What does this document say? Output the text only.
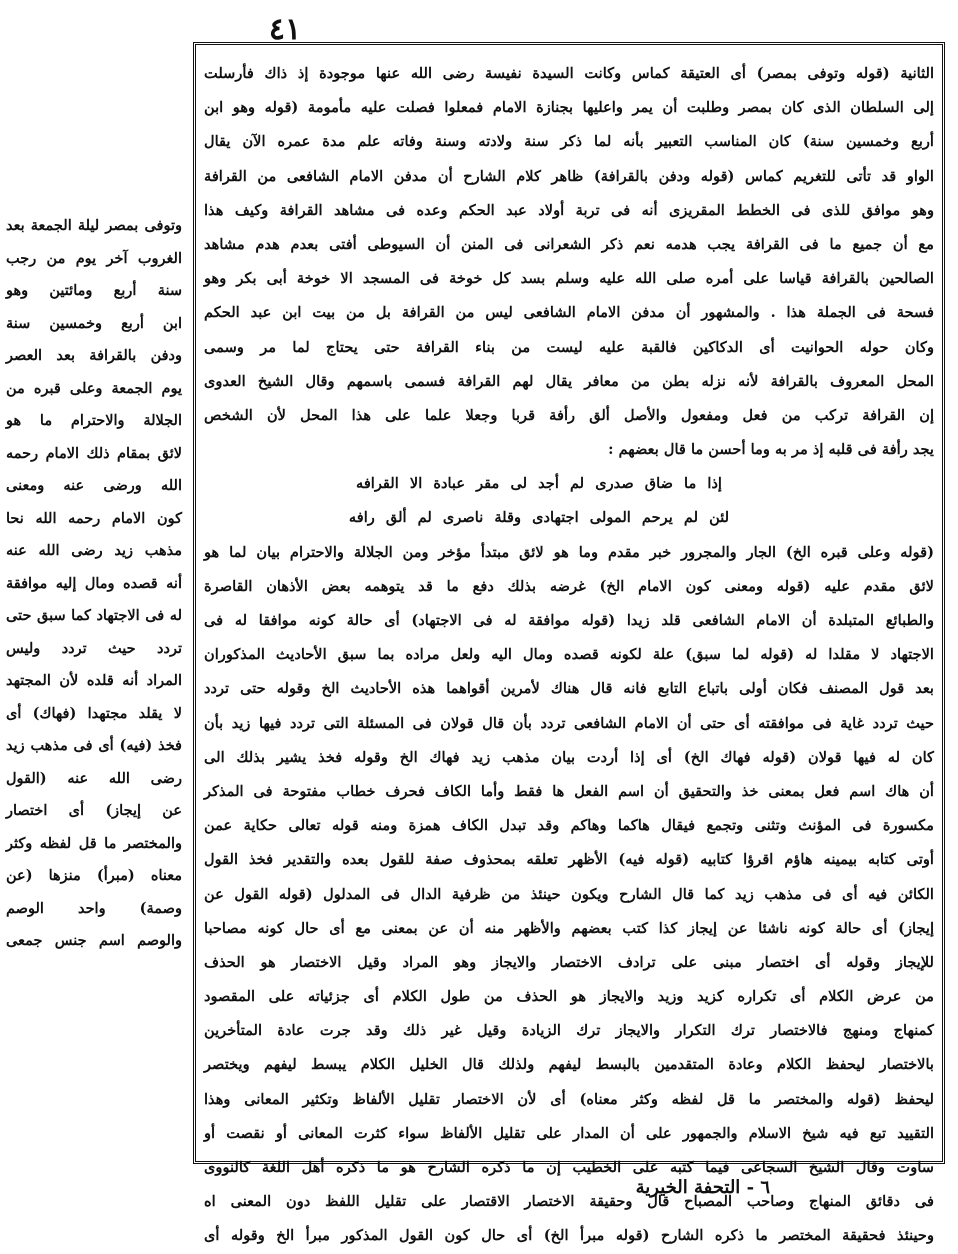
٤١
الثانية (قوله وتوفى بمصر) أى العتيقة كماس وكانت السيدة نفيسة رضى الله عنها موجودة إذ ذاك فأرسلت
إلى السلطان الذى كان بمصر وطلبت أن يمر واعليها بجنازة الامام فمعلوا فصلت عليه مأمومة (قوله وهو ابن
أربع وخمسين سنة) كان المناسب التعبير بأنه لما ذكر سنة ولادته وسنة وفاته علم مدة عمره الآن يقال
الواو قد تأتى للتغريم كماس (قوله ودفن بالقرافة) ظاهر كلام الشارح أن مدفن الامام الشافعى من القرافة
وهو موافق للذى فى الخطط المقريزى أنه فى تربة أولاد عبد الحكم وعده فى مشاهد القرافة وكيف هذا
مع أن جميع ما فى القرافة يجب هدمه نعم ذكر الشعرانى فى المنن أن السيوطى أفتى بعدم هدم مشاهد
الصالحين بالقرافة قياسا على أمره صلى الله عليه وسلم بسد كل خوخة فى المسجد الا خوخة أبى بكر وهو
فسحة فى الجملة هذا . والمشهور أن مدفن الامام الشافعى ليس من القرافة بل من بيت ابن عبد الحكم
وكان حوله الحوانيت أى الدكاكين فالقبة عليه ليست من بناء القرافة حتى يحتاج لما مر وسمى
المحل المعروف بالقرافة لأنه نزله بطن من معافر يقال لهم القرافة فسمى باسمهم وقال الشيخ العدوى
إن القرافة تركب من فعل ومفعول والأصل ألق رأفة قربا وجعلا علما على هذا المحل لأن الشخص
يجد رأفة فى قلبه إذ مر به وما أحسن ما قال بعضهم :
إذا ما ضاق صدرى لم أجد لى مقر عبادة الا القرافه
لئن لم يرحم المولى اجتهادى وقلة ناصرى لم ألق رافه
(قوله وعلى قبره الخ) الجار والمجرور خبر مقدم وما هو لائق مبتدأ مؤخر ومن الجلالة والاحترام بيان لما هو
لائق مقدم عليه (قوله ومعنى كون الامام الخ) غرضه بذلك دفع ما قد يتوهمه بعض الأذهان القاصرة
والطبائع المتبلدة أن الامام الشافعى قلد زيدا (قوله موافقة له فى الاجتهاد) أى حالة كونه موافقا له فى
الاجتهاد لا مقلدا له (قوله لما سبق) علة لكونه قصده ومال اليه ولعل مراده بما سبق الأحاديث المذكوران
بعد قول المصنف فكان أولى باتباع التابع فانه قال هناك لأمرين أقواهما هذه الأحاديث الخ وقوله حتى تردد
حيث تردد غاية فى موافقته أى حتى أن الامام الشافعى تردد بأن قال قولان فى المسئلة التى تردد فيها زيد بأن
كان له فيها قولان (قوله فهاك الخ) أى إذا أردت بيان مذهب زيد فهاك الخ وقوله فخذ يشير بذلك الى
أن هاك اسم فعل بمعنى خذ والتحقيق أن اسم الفعل ها فقط وأما الكاف فحرف خطاب مفتوحة فى المذكر
مكسورة فى المؤنث وتثنى وتجمع فيقال هاكما وهاكم وقد تبدل الكاف همزة ومنه قوله تعالى حكاية عمن
أوتى كتابه بيمينه هاؤم اقرؤا كتابيه (قوله فيه) الأظهر تعلقه بمحذوف صفة للقول بعده والتقدير فخذ القول
الكائن فيه أى فى مذهب زيد كما قال الشارح ويكون حينئذ من ظرفية الدال فى المدلول (قوله القول عن
إيجاز) أى حالة كونه ناشئا عن إيجاز كذا كتب بعضهم والأظهر منه أن عن بمعنى مع أى حال كونه مصاحبا
للإيجاز وقوله أى اختصار مبنى على ترادف الاختصار والايجاز وهو المراد وقيل الاختصار هو الحذف
من عرض الكلام أى تكراره كزيد وزيد والايجاز هو الحذف من طول الكلام أى جزئياته على المقصود
كمنهاج ومنهج فالاختصار ترك التكرار والايجاز ترك الزيادة وقيل غير ذلك وقد جرت عادة المتأخرين
بالاختصار ليحفظ الكلام وعادة المتقدمين بالبسط ليفهم ولذلك قال الخليل الكلام يبسط ليفهم ويختصر
ليحفظ (قوله والمختصر ما قل لفظه وكثر معناه) أى لأن الاختصار تقليل الألفاظ وتكثير المعانى وهذا
التقييد تبع فيه شيخ الاسلام والجمهور على أن المدار على تقليل الألفاظ سواء كثرت المعانى أو نقصت أو
ساوت وقال الشيخ السجاعى فيما كتبه على الخطيب إن ما ذكره الشارح هو ما ذكره أهل اللغة كالنووى
فى دقائق المنهاج وصاحب المصباح قال وحقيقة الاختصار الاقتصار على تقليل اللفظ دون المعنى اه
وحينئذ فحقيقة المختصر ما ذكره الشارح (قوله مبرأ الخ) أى حال كون القول المذكور مبرأ الخ وقوله أى
وتوفى بمصر ليلة الجمعة بعد
الغروب آخر يوم من رجب
سنة أربع ومائتين وهو
ابن أربع وخمسين سنة
ودفن بالقرافة بعد العصر
يوم الجمعة وعلى قبره من
الجلالة والاحترام ما هو
لائق بمقام ذلك الامام رحمه
الله ورضى عنه ومعنى
كون الامام رحمه الله نحا
مذهب زيد رضى الله عنه
أنه قصده ومال إليه موافقة
له فى الاجتهاد كما سبق حتى
تردد حيث تردد وليس
المراد أنه قلده لأن المجتهد
لا يقلد مجتهدا (فهاك) أى
فخذ (فيه) أى فى مذهب زيد
رضى الله عنه (القول
عن إيجاز) أى اختصار
والمختصر ما قل لفظه وكثر
معناه (مبرأ) منزها (عن
وصمة) واحد الوصم
والوصم اسم جنس جمعى
٦ - التحفة الخيرية
